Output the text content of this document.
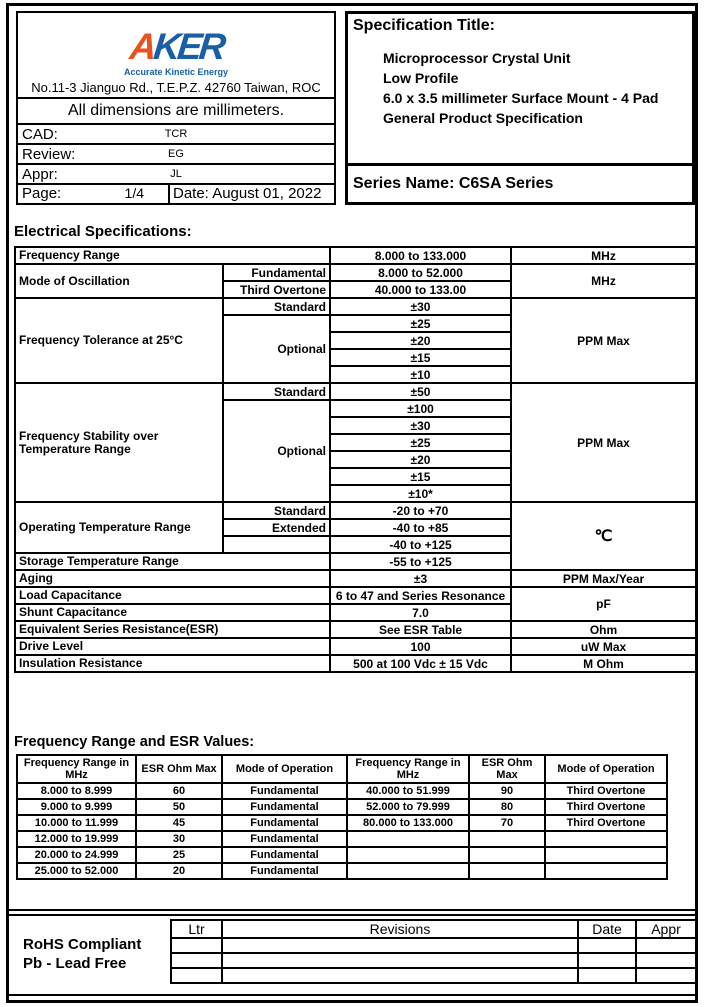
AKER
Accurate Kinetic Energy
No.11-3 Jianguo Rd., T.E.P.Z. 42760 Taiwan, ROC
All dimensions are millimeters.
CAD:	TCR
Review:	EG
Appr:	JL
Page:	1/4 Date: August 01, 2022
Specification Title:
Microprocessor Crystal Unit
Low Profile
6.0 x 3.5 millimeter Surface Mount - 4 Pad
General Product Specification
Series Name: C6SA Series
Electrical Specifications:
Frequency Range		8.000 to 133.000	MHz
Mode of Oscillation	Fundamental	8.000 to 52.000	MHz
	Third Overtone	40.000 to 133.00	
Frequency Tolerance at 25°C	Standard	±30	PPM Max
	Optional	±25	
		±20	
		±15	
		±10	
Frequency Stability over Temperature Range	Standard	±50	PPM Max
	Optional	±100	
		±30	
		±25	
		±20	
		±15	
		±10*	
Operating Temperature Range	Standard	-20 to +70	℃
	Extended	-40 to +85	
		-40 to +125	
Storage Temperature Range		-55 to +125	
Aging		±3	PPM Max/Year
Load Capacitance		6 to 47 and Series Resonance	pF
Shunt Capacitance		7.0	
Equivalent Series Resistance(ESR)		See ESR Table	Ohm
Drive Level		100	uW Max
Insulation Resistance		500 at 100 Vdc ± 15 Vdc	M Ohm
Frequency Range and ESR Values:
Frequency Range in MHz	ESR Ohm Max	Mode of Operation	Frequency Range in MHz	ESR Ohm Max	Mode of Operation
8.000 to 8.999	60	Fundamental	40.000 to 51.999	90	Third Overtone
9.000 to 9.999	50	Fundamental	52.000 to 79.999	80	Third Overtone
10.000 to 11.999	45	Fundamental	80.000 to 133.000	70	Third Overtone
12.000 to 19.999	30	Fundamental			
20.000 to 24.999	25	Fundamental			
25.000 to 52.000	20	Fundamental			
RoHS Compliant
Pb - Lead Free
Ltr	Revisions	Date	Appr
